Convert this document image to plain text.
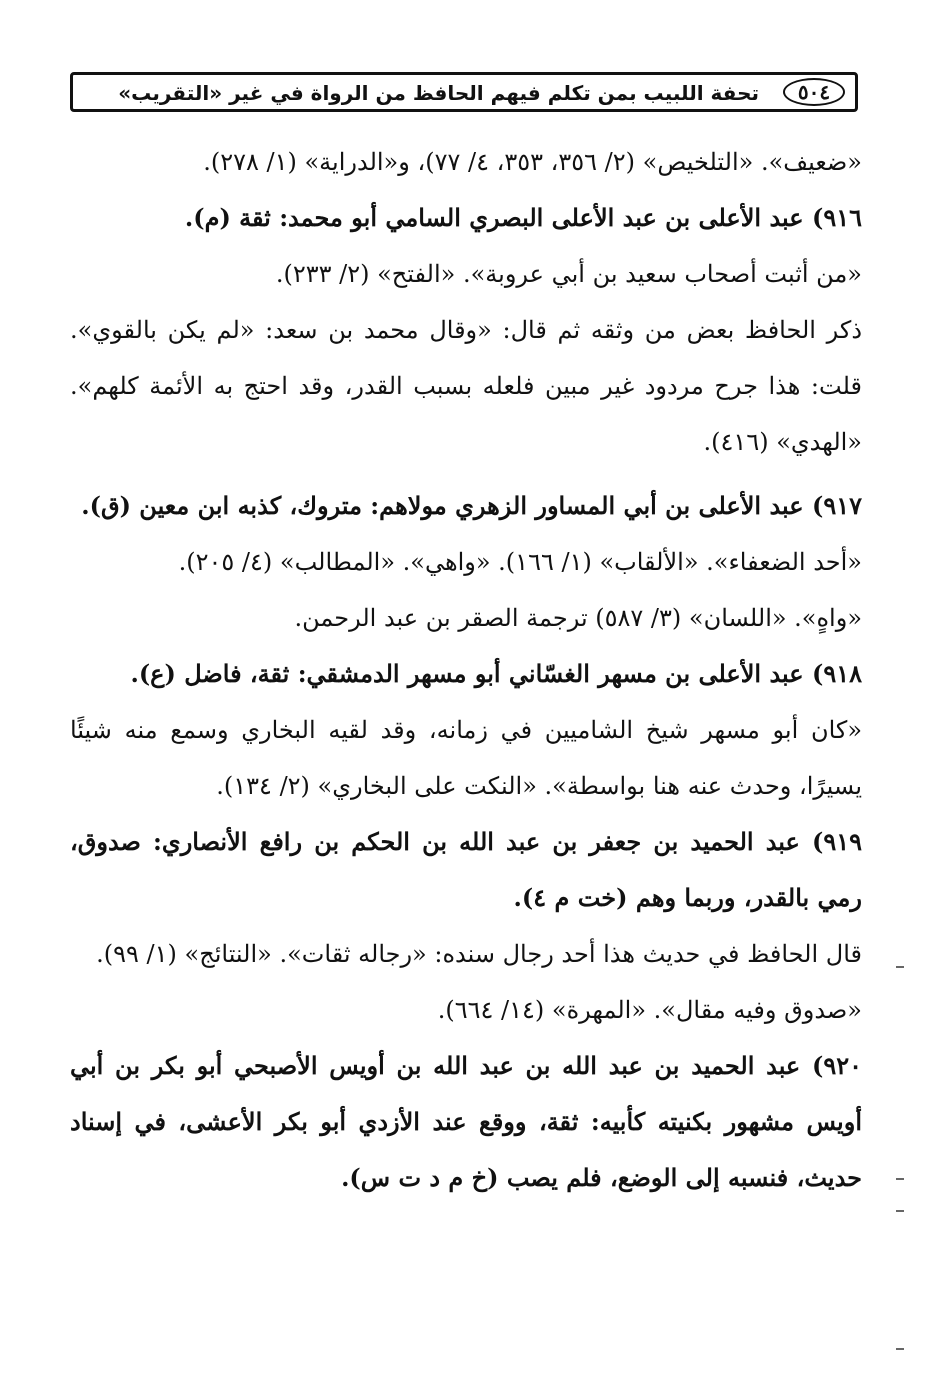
٥٠٤
تحفة اللبيب بمن تكلم فيهم الحافظ من الرواة في غير «التقريب»

«ضعيف». «التلخيص» (٢/ ٣٥٦، ٣٥٣، ٤/ ٧٧)، و«الدراية» (١/ ٢٧٨).

٩١٦) عبد الأعلى بن عبد الأعلى البصري السامي أبو محمد: ثقة (م).

«من أثبت أصحاب سعيد بن أبي عروبة». «الفتح» (٢/ ٢٣٣).

ذكر الحافظ بعض من وثقه ثم قال: «وقال محمد بن سعد: «لم يكن بالقوي». قلت: هذا جرح مردود غير مبين فلعله بسبب القدر، وقد احتج به الأئمة كلهم». «الهدي» (٤١٦).

٩١٧) عبد الأعلى بن أبي المساور الزهري مولاهم: متروك، كذبه ابن معين (ق).

«أحد الضعفاء». «الألقاب» (١/ ١٦٦). «واهي». «المطالب» (٤/ ٢٠٥).

«واهٍ». «اللسان» (٣/ ٥٨٧) ترجمة الصقر بن عبد الرحمن.

٩١٨) عبد الأعلى بن مسهر الغسّاني أبو مسهر الدمشقي: ثقة، فاضل (ع).

«كان أبو مسهر شيخ الشاميين في زمانه، وقد لقيه البخاري وسمع منه شيئًا يسيرًا، وحدث عنه هنا بواسطة». «النكت على البخاري» (٢/ ١٣٤).

٩١٩) عبد الحميد بن جعفر بن عبد الله بن الحكم بن رافع الأنصاري: صدوق، رمي بالقدر، وربما وهم (خت م ٤).

قال الحافظ في حديث هذا أحد رجال سنده: «رجاله ثقات». «النتائج» (١/ ٩٩).

«صدوق وفيه مقال». «المهرة» (١٤/ ٦٦٤).

٩٢٠) عبد الحميد بن عبد الله بن عبد الله بن أويس الأصبحي أبو بكر بن أبي أويس مشهور بكنيته كأبيه: ثقة، ووقع عند الأزدي أبو بكر الأعشى، في إسناد حديث، فنسبه إلى الوضع، فلم يصب (خ م د ت س).
